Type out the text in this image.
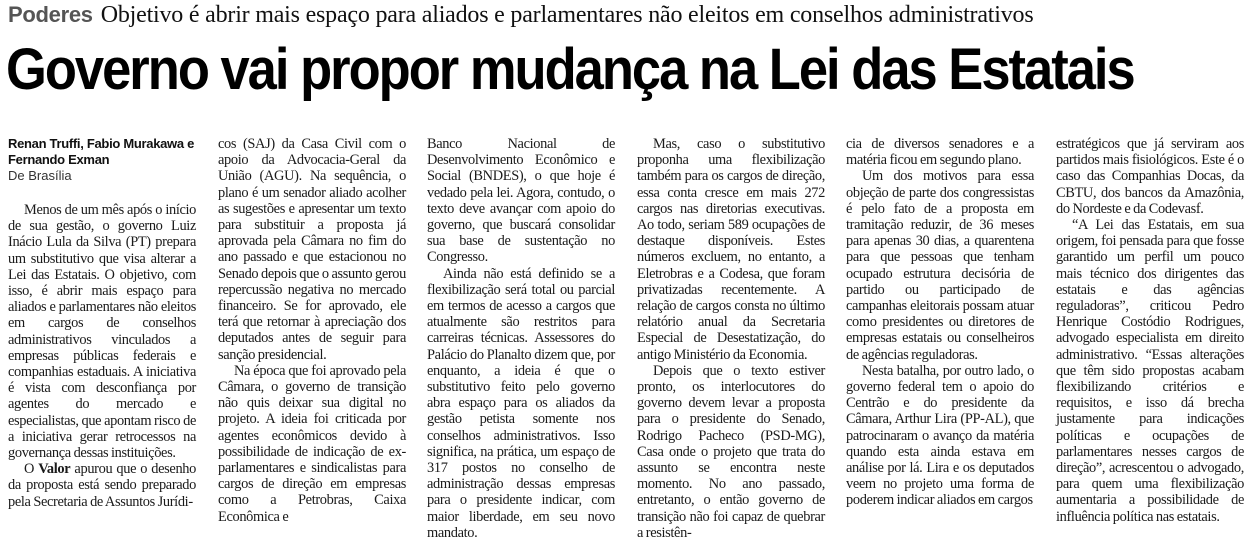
Poderes Objetivo é abrir mais espaço para aliados e parlamentares não eleitos em conselhos administrativos
Governo vai propor mudança na Lei das Estatais
Renan Truffi, Fabio Murakawa e
Fernando Exman
De Brasília

Menos de um mês após o início de sua gestão, o governo Luiz Inácio Lula da Silva (PT) prepara um substitutivo que visa alterar a Lei das Estatais. O objetivo, com isso, é abrir mais espaço para aliados e parlamentares não eleitos em cargos de conselhos administrativos vinculados a empresas públicas federais e companhias estaduais. A iniciativa é vista com desconfiança por agentes do mercado e especialistas, que apontam risco de a iniciativa gerar retrocessos na governança dessas instituições.

O Valor apurou que o desenho da proposta está sendo preparado pela Secretaria de Assuntos Jurídi-

cos (SAJ) da Casa Civil com o apoio da Advocacia-Geral da União (AGU). Na sequência, o plano é um senador aliado acolher as sugestões e apresentar um texto para substituir a proposta já aprovada pela Câmara no fim do ano passado e que estacionou no Senado depois que o assunto gerou repercussão negativa no mercado financeiro. Se for aprovado, ele terá que retornar à apreciação dos deputados antes de seguir para sanção presidencial.

Na época que foi aprovado pela Câmara, o governo de transição não quis deixar sua digital no projeto. A ideia foi criticada por agentes econômicos devido à possibilidade de indicação de ex-parlamentares e sindicalistas para cargos de direção em empresas como a Petrobras, Caixa Econômica e

Banco Nacional de Desenvolvimento Econômico e Social (BNDES), o que hoje é vedado pela lei. Agora, contudo, o texto deve avançar com apoio do governo, que buscará consolidar sua base de sustentação no Congresso.

Ainda não está definido se a flexibilização será total ou parcial em termos de acesso a cargos que atualmente são restritos para carreiras técnicas. Assessores do Palácio do Planalto dizem que, por enquanto, a ideia é que o substitutivo feito pelo governo abra espaço para os aliados da gestão petista somente nos conselhos administrativos. Isso significa, na prática, um espaço de 317 postos no conselho de administração dessas empresas para o presidente indicar, com maior liberdade, em seu novo mandato.

Mas, caso o substitutivo proponha uma flexibilização também para os cargos de direção, essa conta cresce em mais 272 cargos nas diretorias executivas. Ao todo, seriam 589 ocupações de destaque disponíveis. Estes números excluem, no entanto, a Eletrobras e a Codesa, que foram privatizadas recentemente. A relação de cargos consta no último relatório anual da Secretaria Especial de Desestatização, do antigo Ministério da Economia.

Depois que o texto estiver pronto, os interlocutores do governo devem levar a proposta para o presidente do Senado, Rodrigo Pacheco (PSD-MG), Casa onde o projeto que trata do assunto se encontra neste momento. No ano passado, entretanto, o então governo de transição não foi capaz de quebrar a resistên-

cia de diversos senadores e a matéria ficou em segundo plano.

Um dos motivos para essa objeção de parte dos congressistas é pelo fato de a proposta em tramitação reduzir, de 36 meses para apenas 30 dias, a quarentena para que pessoas que tenham ocupado estrutura decisória de partido ou participado de campanhas eleitorais possam atuar como presidentes ou diretores de empresas estatais ou conselheiros de agências reguladoras.

Nesta batalha, por outro lado, o governo federal tem o apoio do Centrão e do presidente da Câmara, Arthur Lira (PP-AL), que patrocinaram o avanço da matéria quando esta ainda estava em análise por lá. Lira e os deputados veem no projeto uma forma de poderem indicar aliados em cargos

estratégicos que já serviram aos partidos mais fisiológicos. Este é o caso das Companhias Docas, da CBTU, dos bancos da Amazônia, do Nordeste e da Codevasf.

“A Lei das Estatais, em sua origem, foi pensada para que fosse garantido um perfil um pouco mais técnico dos dirigentes das estatais e das agências reguladoras”, criticou Pedro Henrique Costódio Rodrigues, advogado especialista em direito administrativo. “Essas alterações que têm sido propostas acabam flexibilizando critérios e requisitos, e isso dá brecha justamente para indicações políticas e ocupações de parlamentares nesses cargos de direção”, acrescentou o advogado, para quem uma flexibilização aumentaria a possibilidade de influência política nas estatais.
